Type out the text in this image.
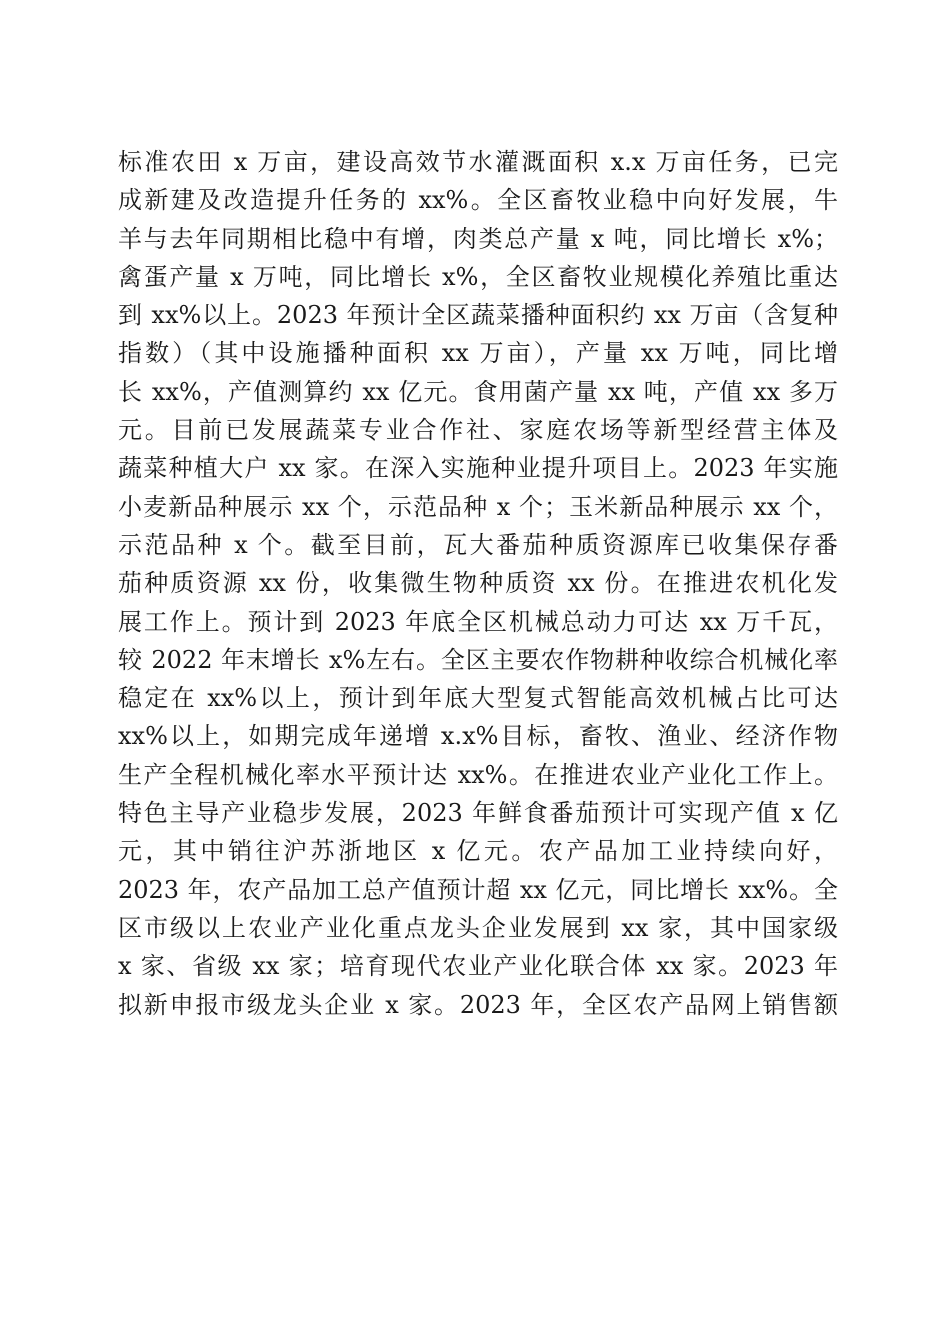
标准农田 x 万亩，建设高效节水灌溉面积 x.x 万亩任务，已完
成新建及改造提升任务的 xx%。全区畜牧业稳中向好发展，牛
羊与去年同期相比稳中有增，肉类总产量 x 吨，同比增长 x%；
禽蛋产量 x 万吨，同比增长 x%，全区畜牧业规模化养殖比重达
到 xx%以上。2023 年预计全区蔬菜播种面积约 xx 万亩（含复种
指数）（其中设施播种面积 xx 万亩），产量 xx 万吨，同比增
长 xx%，产值测算约 xx 亿元。食用菌产量 xx 吨，产值 xx 多万
元。目前已发展蔬菜专业合作社、家庭农场等新型经营主体及
蔬菜种植大户 xx 家。在深入实施种业提升项目上。2023 年实施
小麦新品种展示 xx 个，示范品种 x 个；玉米新品种展示 xx 个，
示范品种 x 个。截至目前，瓦大番茄种质资源库已收集保存番
茄种质资源 xx 份，收集微生物种质资 xx 份。在推进农机化发
展工作上。预计到 2023 年底全区机械总动力可达 xx 万千瓦，
较 2022 年末增长 x%左右。全区主要农作物耕种收综合机械化率
稳定在 xx%以上，预计到年底大型复式智能高效机械占比可达
xx%以上，如期完成年递增 x.x%目标，畜牧、渔业、经济作物
生产全程机械化率水平预计达 xx%。在推进农业产业化工作上。
特色主导产业稳步发展，2023 年鲜食番茄预计可实现产值 x 亿
元，其中销往沪苏浙地区 x 亿元。农产品加工业持续向好，
2023 年，农产品加工总产值预计超 xx 亿元，同比增长 xx%。全
区市级以上农业产业化重点龙头企业发展到 xx 家，其中国家级
x 家、省级 xx 家；培育现代农业产业化联合体 xx 家。2023 年
拟新申报市级龙头企业 x 家。2023 年，全区农产品网上销售额
